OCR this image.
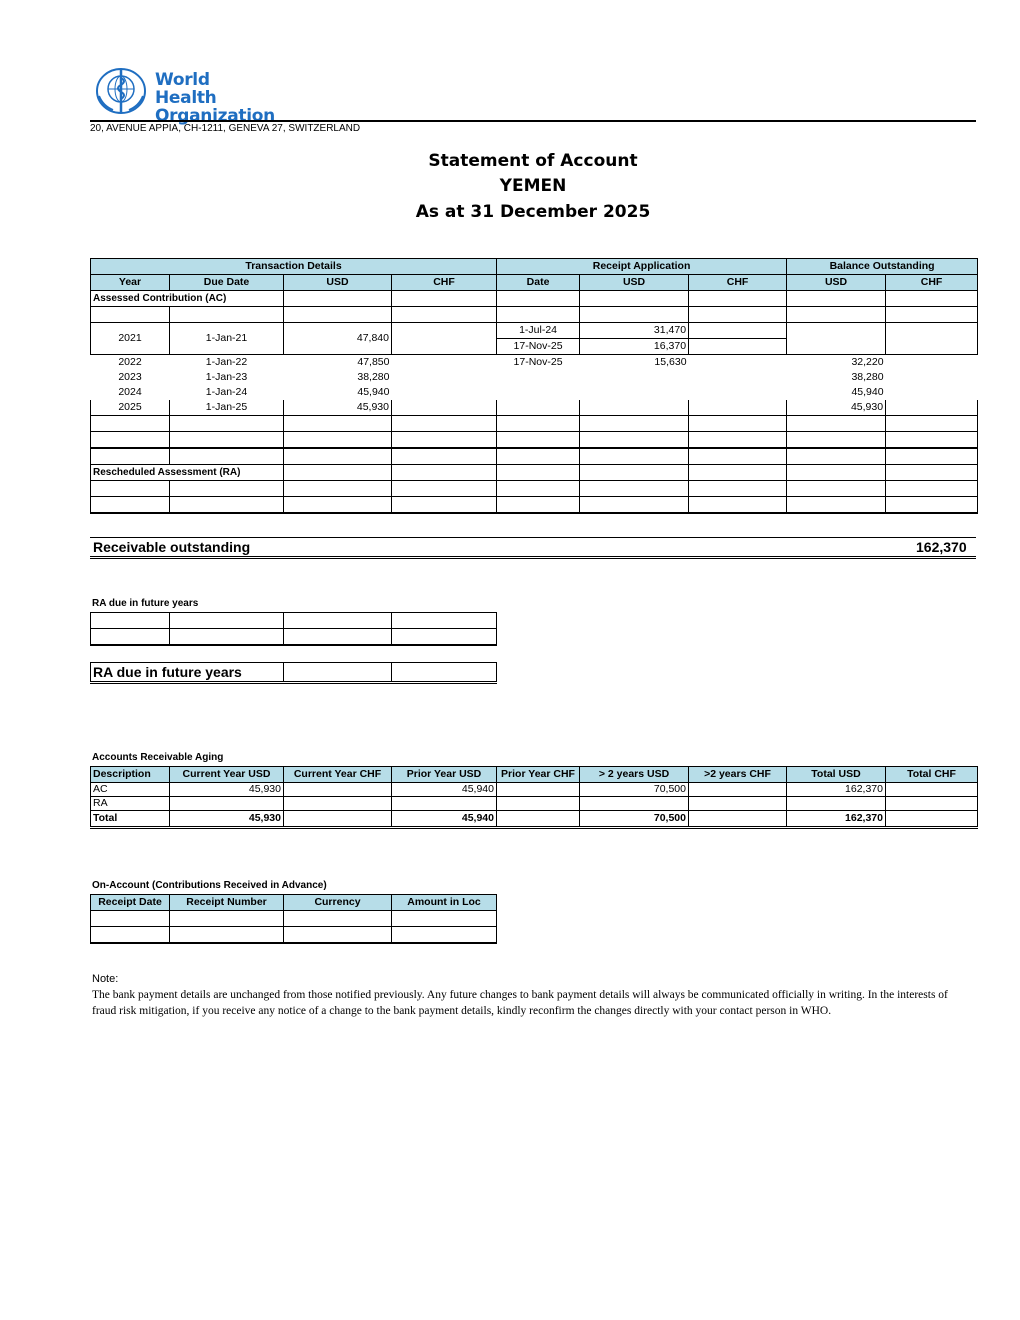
World Health
Organization
20, AVENUE APPIA, CH-1211, GENEVA 27, SWITZERLAND
Statement of Account
YEMEN
As at 31 December 2025
Transaction Details				Receipt Application			Balance Outstanding	
Year	Due Date	USD	CHF	Date	USD	CHF	USD	CHF
Assessed Contribution (AC)								

2021	1-Jan-21	47,840		1-Jul-24	31,470			
				17-Nov-25	16,370			
2022	1-Jan-22	47,850		17-Nov-25	15,630		32,220	
2023	1-Jan-23	38,280					38,280	
2024	1-Jan-24	45,940					45,940	
2025	1-Jan-25	45,930					45,930	

Rescheduled Assessment (RA)								

Receivable outstanding	162,370
RA due in future years

RA due in future years		
Accounts Receivable Aging
Description	Current Year USD	Current Year CHF	Prior Year USD	Prior Year CHF	> 2 years USD	>2 years CHF	Total USD	Total CHF
AC	45,930		45,940		70,500		162,370	
RA								
Total	45,930		45,940		70,500		162,370	
On-Account (Contributions Received in Advance)
Receipt Date	Receipt Number	Currency	Amount in Loc

Note:
The bank payment details are unchanged from those notified previously. Any future changes to bank payment details will always be communicated officially in writing. In the interests of fraud risk mitigation, if you receive any notice of a change to the bank payment details, kindly reconfirm the changes directly with your contact person in WHO.
